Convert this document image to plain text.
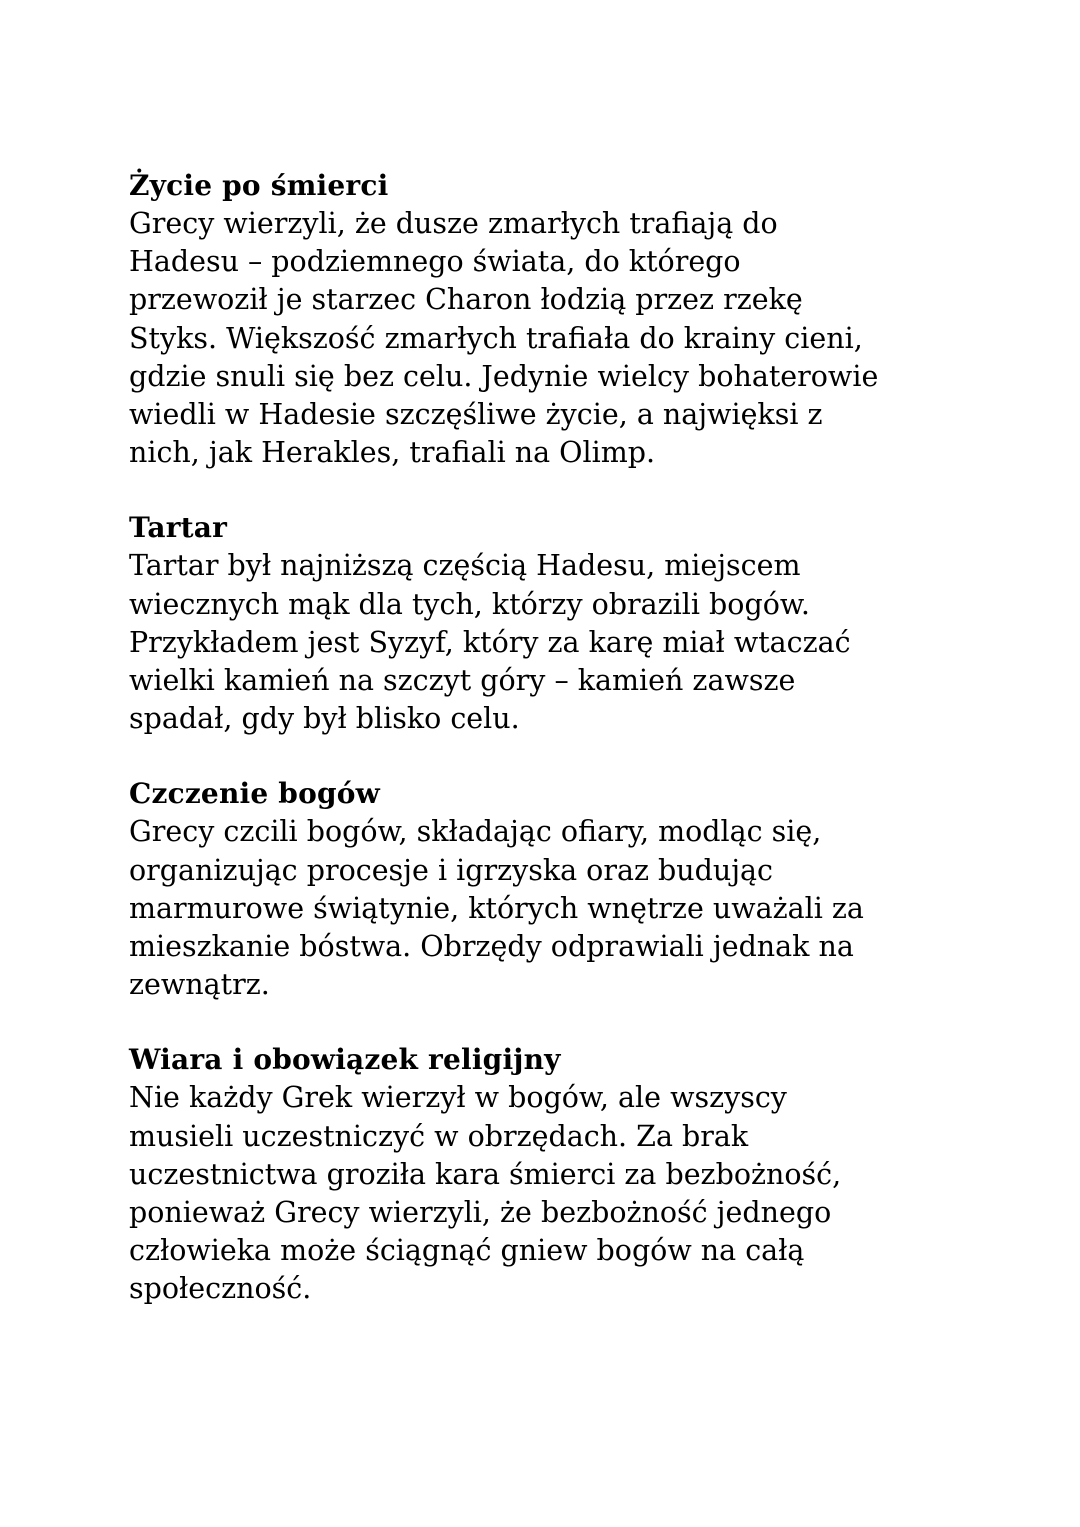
Życie po śmierci

Grecy wierzyli, że dusze zmarłych trafiają do

Hadesu – podziemnego świata, do którego

przewoził je starzec Charon łodzią przez rzekę

Styks. Większość zmarłych trafiała do krainy cieni,

gdzie snuli się bez celu. Jedynie wielcy bohaterowie

wiedli w Hadesie szczęśliwe życie, a najwięksi z

nich, jak Herakles, trafiali na Olimp.

Tartar

Tartar był najniższą częścią Hadesu, miejscem

wiecznych mąk dla tych, którzy obrazili bogów.

Przykładem jest Syzyf, który za karę miał wtaczać

wielki kamień na szczyt góry – kamień zawsze

spadał, gdy był blisko celu.

Czczenie bogów

Grecy czcili bogów, składając ofiary, modląc się,

organizując procesje i igrzyska oraz budując

marmurowe świątynie, których wnętrze uważali za

mieszkanie bóstwa. Obrzędy odprawiali jednak na

zewnątrz.

Wiara i obowiązek religijny

Nie każdy Grek wierzył w bogów, ale wszyscy

musieli uczestniczyć w obrzędach. Za brak

uczestnictwa groziła kara śmierci za bezbożność,

ponieważ Grecy wierzyli, że bezbożność jednego

człowieka może ściągnąć gniew bogów na całą

społeczność.
